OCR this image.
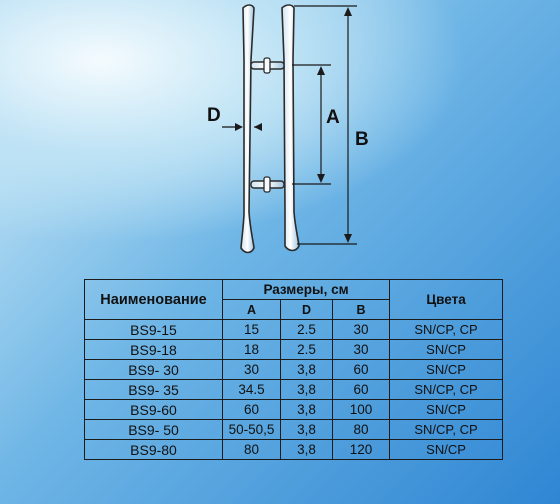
D	A
B
Наименование	Размеры, см			Цвета
	A	D	B	
BS9-15	15	2.5	30	SN/CP, CP
BS9-18	18	2.5	30	SN/CP
BS9- 30	30	3,8	60	SN/CP
BS9- 35	34.5	3,8	60	SN/CP, CP
BS9-60	60	3,8	100	SN/CP
BS9- 50	50-50,5	3,8	80	SN/CP, CP
BS9-80	80	3,8	120	SN/CP
